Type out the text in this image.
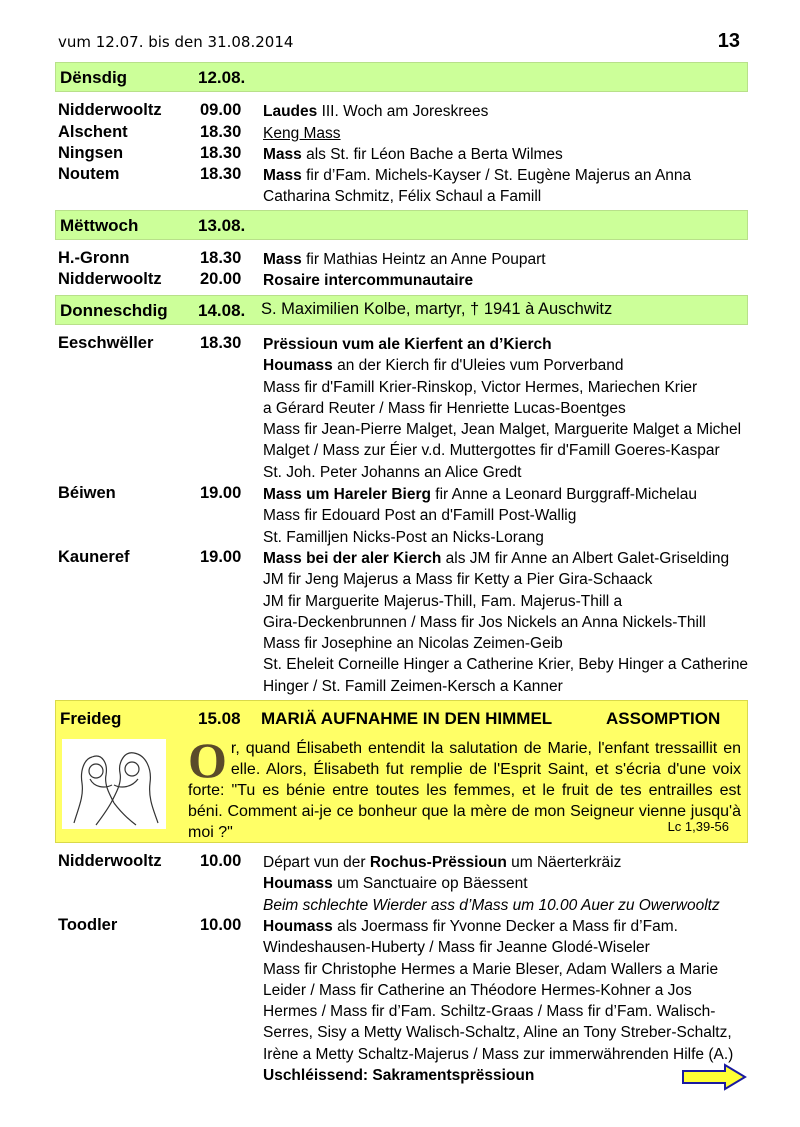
vum 12.07. bis den 31.08.2014	13
Dënsdig	12.08.
Nidderwooltz 09.00 Laudes III. Woch am Joreskrees
Alschent	18.30 Keng Mass
Ningsen	18.30 Mass als St. fir Léon Bache a Berta Wilmes
Noutem	18.30 Mass fir d’Fam. Michels-Kayser / St. Eugène Majerus an Anna
Catharina Schmitz, Félix Schaul a Famill
Mëttwoch	13.08.
H.-Gronn	18.30 Mass fir Mathias Heintz an Anne Poupart
Nidderwooltz 20.00 Rosaire intercommunautaire
Donneschdig 14.08. S. Maximilien Kolbe, martyr, † 1941 à Auschwitz
Eeschwëller	18.30 Prëssioun vum ale Kierfent an d’Kierch
Houmass an der Kierch fir d'Uleies vum Porverband
Mass fir d'Famill Krier-Rinskop, Victor Hermes, Mariechen Krier
a Gérard Reuter / Mass fir Henriette Lucas-Boentges
Mass fir Jean-Pierre Malget, Jean Malget, Marguerite Malget a Michel
Malget / Mass zur Éier v.d. Muttergottes fir d'Famill Goeres-Kaspar
St. Joh. Peter Johanns an Alice Gredt
Béiwen	19.00 Mass um Hareler Bierg fir Anne a Leonard Burggraff-Michelau
Mass fir Edouard Post an d'Famill Post-Wallig
St. Familljen Nicks-Post an Nicks-Lorang
Kauneref	19.00 Mass bei der aler Kierch als JM fir Anne an Albert Galet-Griselding
JM fir Jeng Majerus a Mass fir Ketty a Pier Gira-Schaack
JM fir Marguerite Majerus-Thill, Fam. Majerus-Thill a
Gira-Deckenbrunnen / Mass fir Jos Nickels an Anna Nickels-Thill
Mass fir Josephine an Nicolas Zeimen-Geib
St. Eheleit Corneille Hinger a Catherine Krier, Beby Hinger a Catherine
Hinger / St. Famill Zeimen-Kersch a Kanner
Freideg	15.08 MARIÄ AUFNAHME IN DEN HIMMEL	ASSOMPTION
Or, quand Élisabeth entendit la salutation de Marie, l'enfant tressaillit en elle. Alors, Élisabeth fut remplie de l'Esprit Saint, et s'écria d'une voix forte: "Tu es bénie entre toutes les femmes, et le fruit de tes entrailles est béni. Comment ai-je ce bonheur que la mère de mon Seigneur vienne jusqu'à moi ?"	Lc 1,39-56
Nidderwooltz 10.00 Départ vun der Rochus-Prëssioun um Näerterkräiz
Houmass um Sanctuaire op Bäessent
Beim schlechte Wierder ass d’Mass um 10.00 Auer zu Owerwooltz
Toodler	10.00 Houmass als Joermass fir Yvonne Decker a Mass fir d’Fam.
Windeshausen-Huberty / Mass fir Jeanne Glodé-Wiseler
Mass fir Christophe Hermes a Marie Bleser, Adam Wallers a Marie
Leider / Mass fir Catherine an Théodore Hermes-Kohner a Jos
Hermes / Mass fir d’Fam. Schiltz-Graas / Mass fir d’Fam. Walisch-
Serres, Sisy a Metty Walisch-Schaltz, Aline an Tony Streber-Schaltz,
Irène a Metty Schaltz-Majerus / Mass zur immerwährenden Hilfe (A.)
Uschléissend: Sakramentsprëssioun
